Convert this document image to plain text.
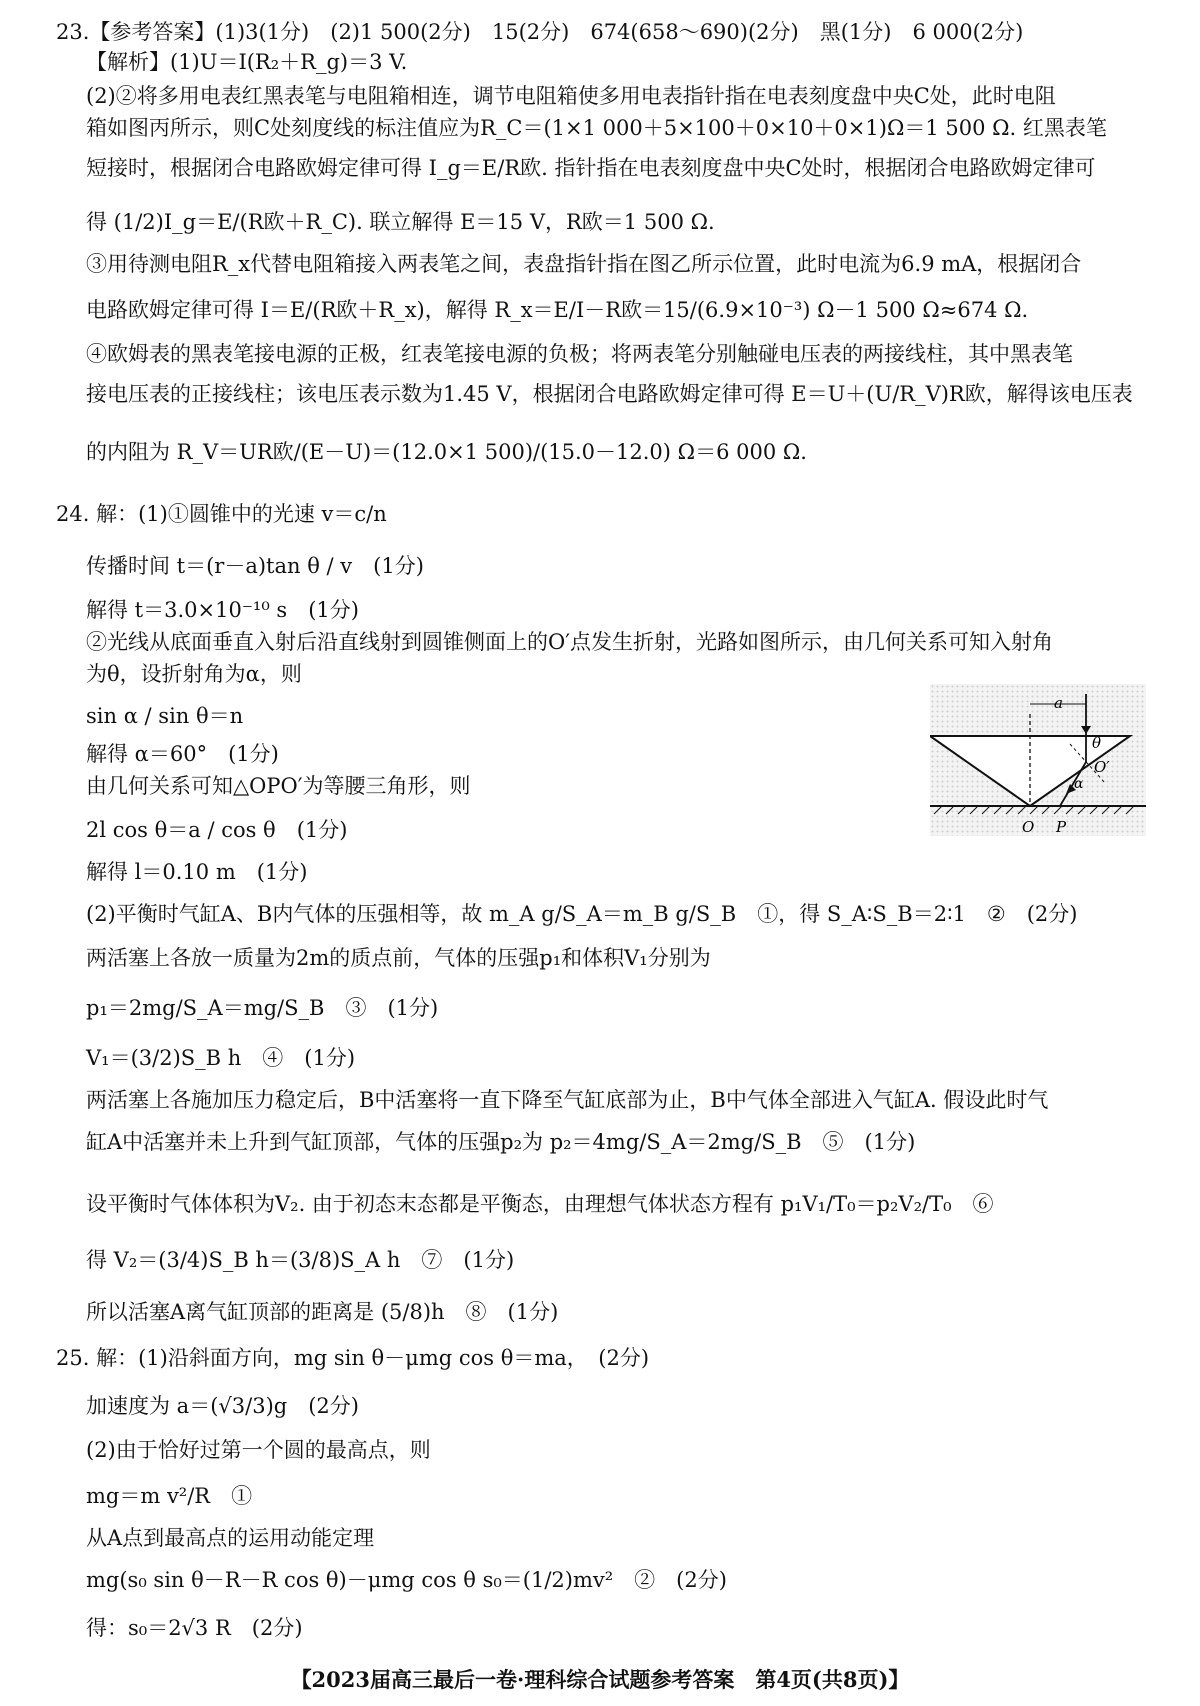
23.【参考答案】(1)3(1分)　(2)1 500(2分)　15(2分)　674(658～690)(2分)　黑(1分)　6 000(2分)
【解析】(1)U＝I(R₂＋R_g)＝3 V.
(2)②将多用电表红黑表笔与电阻箱相连，调节电阻箱使多用电表指针指在电表刻度盘中央C处，此时电阻
箱如图丙所示，则C处刻度线的标注值应为R_C＝(1×1 000＋5×100＋0×10＋0×1)Ω＝1 500 Ω. 红黑表笔
短接时，根据闭合电路欧姆定律可得 I_g＝E/R欧. 指针指在电表刻度盘中央C处时，根据闭合电路欧姆定律可
得 (1/2)I_g＝E/(R欧＋R_C). 联立解得 E＝15 V，R欧＝1 500 Ω.
③用待测电阻R_x代替电阻箱接入两表笔之间，表盘指针指在图乙所示位置，此时电流为6.9 mA，根据闭合
电路欧姆定律可得 I＝E/(R欧＋R_x)，解得 R_x＝E/I－R欧＝15/(6.9×10⁻³) Ω－1 500 Ω≈674 Ω.
④欧姆表的黑表笔接电源的正极，红表笔接电源的负极；将两表笔分别触碰电压表的两接线柱，其中黑表笔
接电压表的正接线柱；该电压表示数为1.45 V，根据闭合电路欧姆定律可得 E＝U＋(U/R_V)R欧，解得该电压表
的内阻为 R_V＝UR欧/(E－U)＝(12.0×1 500)/(15.0－12.0) Ω＝6 000 Ω.
24. 解：(1)①圆锥中的光速 v＝c/n
传播时间 t＝(r－a)tan θ / v　(1分)
解得 t＝3.0×10⁻¹⁰ s　(1分)
②光线从底面垂直入射后沿直线射到圆锥侧面上的O′点发生折射，光路如图所示，由几何关系可知入射角
为θ，设折射角为α，则
sin α / sin θ＝n
解得 α＝60°　(1分)
由几何关系可知△OPO′为等腰三角形，则
2l cos θ＝a / cos θ　(1分)
解得 l＝0.10 m　(1分)
(2)平衡时气缸A、B内气体的压强相等，故 m_A g/S_A＝m_B g/S_B　①，得 S_A∶S_B＝2∶1　②　(2分)
两活塞上各放一质量为2m的质点前，气体的压强p₁和体积V₁分别为
p₁＝2mg/S_A＝mg/S_B　③　(1分)
V₁＝(3/2)S_B h　④　(1分)
两活塞上各施加压力稳定后，B中活塞将一直下降至气缸底部为止，B中气体全部进入气缸A. 假设此时气
缸A中活塞并未上升到气缸顶部，气体的压强p₂为 p₂＝4mg/S_A＝2mg/S_B　⑤　(1分)
设平衡时气体体积为V₂. 由于初态末态都是平衡态，由理想气体状态方程有 p₁V₁/T₀＝p₂V₂/T₀　⑥
得 V₂＝(3/4)S_B h＝(3/8)S_A h　⑦　(1分)
所以活塞A离气缸顶部的距离是 (5/8)h　⑧　(1分)
25. 解：(1)沿斜面方向，mg sin θ－μmg cos θ＝ma，　(2分)
加速度为 a＝(√3/3)g　(2分)
(2)由于恰好过第一个圆的最高点，则
mg＝m v²/R　①
从A点到最高点的运用动能定理
mg(s₀ sin θ－R－R cos θ)－μmg cos θ s₀＝(1/2)mv²　②　(2分)
得：s₀＝2√3 R　(2分)
a
θ
O′
α
O P
【2023届高三最后一卷·理科综合试题参考答案　第4页(共8页)】
